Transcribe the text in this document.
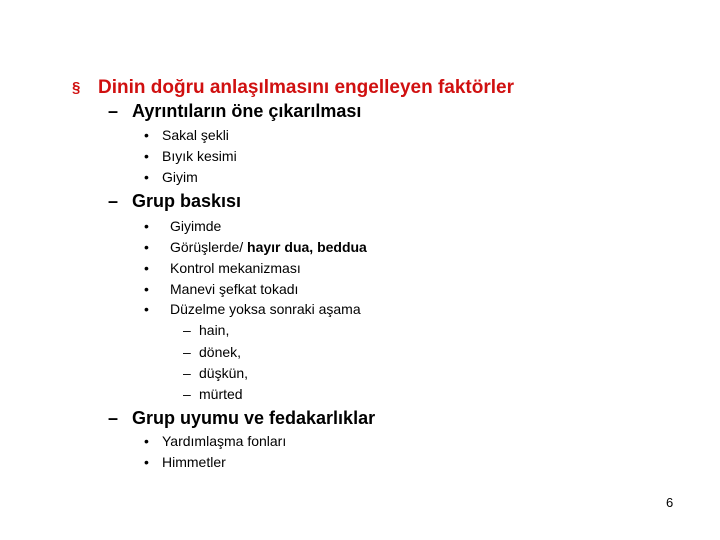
§ Dinin doğru anlaşılmasını engelleyen faktörler
– Ayrıntıların öne çıkarılması
• Sakal şekli
• Bıyık kesimi
• Giyim
– Grup baskısı
• Giyimde
• Görüşlerde/ hayır dua, beddua
• Kontrol mekanizması
• Manevi şefkat tokadı
• Düzelme yoksa sonraki aşama
– hain,
– dönek,
– düşkün,
– mürted
– Grup uyumu ve fedakarlıklar
• Yardımlaşma fonları
• Himmetler
6
